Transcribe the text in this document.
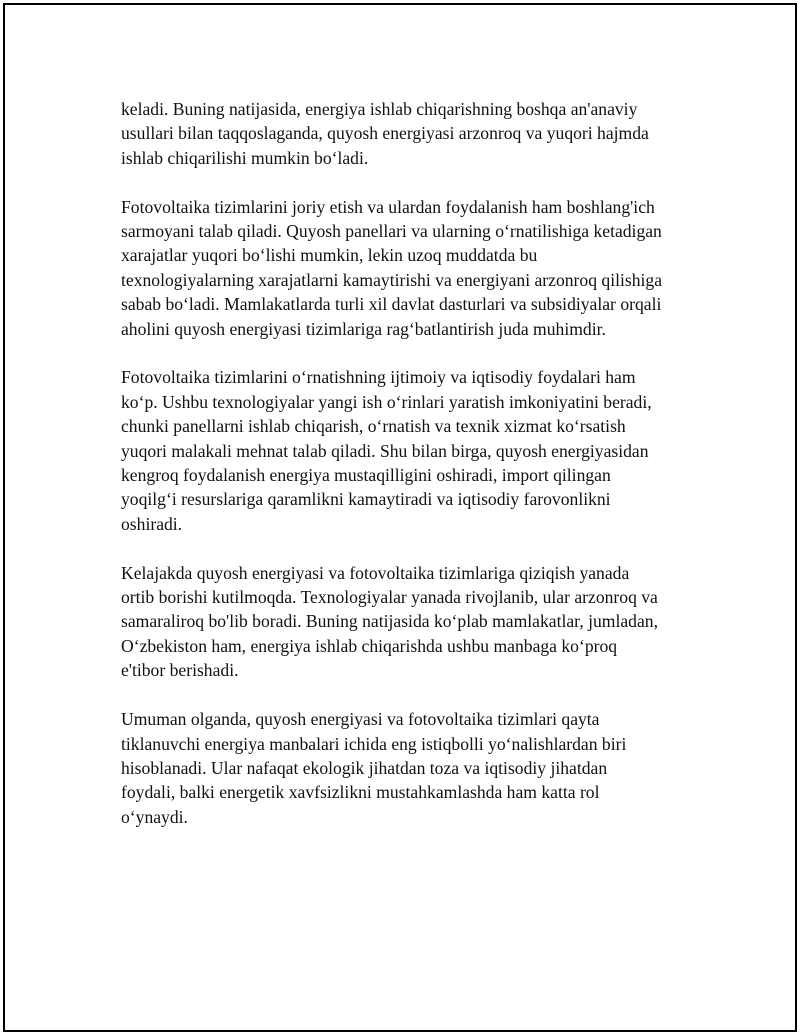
keladi. Buning natijasida, energiya ishlab chiqarishning boshqa an'anaviy
usullari bilan taqqoslaganda, quyosh energiyasi arzonroq va yuqori hajmda
ishlab chiqarilishi mumkin boʻladi.

Fotovoltaika tizimlarini joriy etish va ulardan foydalanish ham boshlang'ich
sarmoyani talab qiladi. Quyosh panellari va ularning oʻrnatilishiga ketadigan
xarajatlar yuqori boʻlishi mumkin, lekin uzoq muddatda bu
texnologiyalarning xarajatlarni kamaytirishi va energiyani arzonroq qilishiga
sabab boʻladi. Mamlakatlarda turli xil davlat dasturlari va subsidiyalar orqali
aholini quyosh energiyasi tizimlariga ragʻbatlantirish juda muhimdir.

Fotovoltaika tizimlarini oʻrnatishning ijtimoiy va iqtisodiy foydalari ham
koʻp. Ushbu texnologiyalar yangi ish oʻrinlari yaratish imkoniyatini beradi,
chunki panellarni ishlab chiqarish, oʻrnatish va texnik xizmat koʻrsatish
yuqori malakali mehnat talab qiladi. Shu bilan birga, quyosh energiyasidan
kengroq foydalanish energiya mustaqilligini oshiradi, import qilingan
yoqilgʻi resurslariga qaramlikni kamaytiradi va iqtisodiy farovonlikni
oshiradi.

Kelajakda quyosh energiyasi va fotovoltaika tizimlariga qiziqish yanada
ortib borishi kutilmoqda. Texnologiyalar yanada rivojlanib, ular arzonroq va
samaraliroq bo'lib boradi. Buning natijasida koʻplab mamlakatlar, jumladan,
Oʻzbekiston ham, energiya ishlab chiqarishda ushbu manbaga koʻproq
e'tibor berishadi.

Umuman olganda, quyosh energiyasi va fotovoltaika tizimlari qayta
tiklanuvchi energiya manbalari ichida eng istiqbolli yoʻnalishlardan biri
hisoblanadi. Ular nafaqat ekologik jihatdan toza va iqtisodiy jihatdan
foydali, balki energetik xavfsizlikni mustahkamlashda ham katta rol
oʻynaydi.
